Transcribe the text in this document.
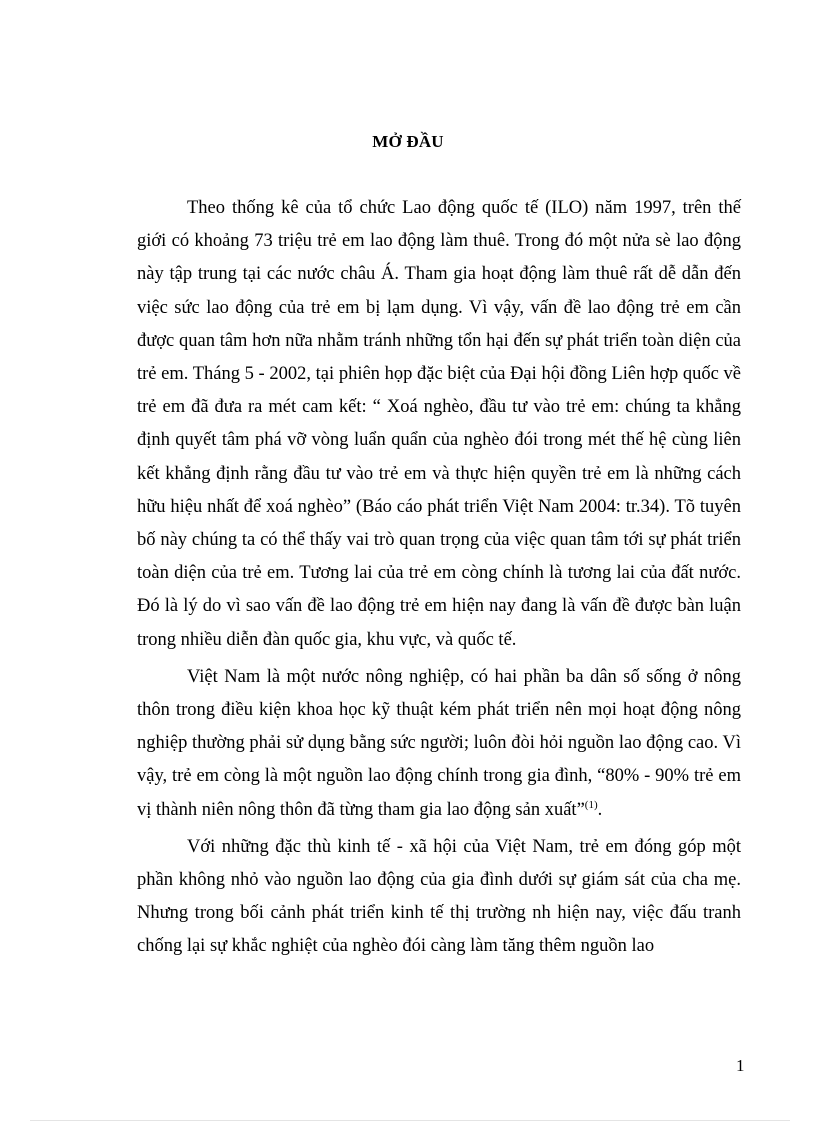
MỞ ĐẦU

Theo thống kê của tổ chức Lao động quốc tế (ILO) năm 1997, trên thế giới có khoảng 73 triệu trẻ em lao động làm thuê. Trong đó một nửa sè lao động này tập trung tại các nước châu Á. Tham gia hoạt động làm thuê rất dễ dẫn đến việc sức lao động của trẻ em bị lạm dụng. Vì vậy, vấn đề lao động trẻ em cần được quan tâm hơn nữa nhằm tránh những tổn hại đến sự phát triển toàn diện của trẻ em. Tháng 5 - 2002, tại phiên họp đặc biệt của Đại hội đồng Liên hợp quốc về trẻ em đã đưa ra mét cam kết: “ Xoá nghèo, đầu tư vào trẻ em: chúng ta khẳng định quyết tâm phá vỡ vòng luẩn quẩn của nghèo đói trong mét thế hệ cùng liên kết khẳng định rằng đầu tư vào trẻ em và thực hiện quyền trẻ em là những cách hữu hiệu nhất để xoá nghèo” (Báo cáo phát triển Việt Nam 2004: tr.34). Tõ tuyên bố này chúng ta có thể thấy vai trò quan trọng của việc quan tâm tới sự phát triển toàn diện của trẻ em. Tương lai của trẻ em còng chính là tương lai của đất nước. Đó là lý do vì sao vấn đề lao động trẻ em hiện nay đang là vấn đề được bàn luận trong nhiều diễn đàn quốc gia, khu vực, và quốc tế.

Việt Nam là một nước nông nghiệp, có hai phần ba dân số sống ở nông thôn trong điều kiện khoa học kỹ thuật kém phát triển nên mọi hoạt động nông nghiệp thường phải sử dụng bằng sức người; luôn đòi hỏi nguồn lao động cao. Vì vậy, trẻ em còng là một nguồn lao động chính trong gia đình, “80% - 90% trẻ em vị thành niên nông thôn đã từng tham gia lao động sản xuất”$^{(1)}$.

Với những đặc thù kinh tế - xã hội của Việt Nam, trẻ em đóng góp một phần không nhỏ vào nguồn lao động của gia đình dưới sự giám sát của cha mẹ. Nhưng trong bối cảnh phát triển kinh tế thị trường nh hiện nay, việc đấu tranh chống lại sự khắc nghiệt của nghèo đói càng làm tăng thêm nguồn lao

1
